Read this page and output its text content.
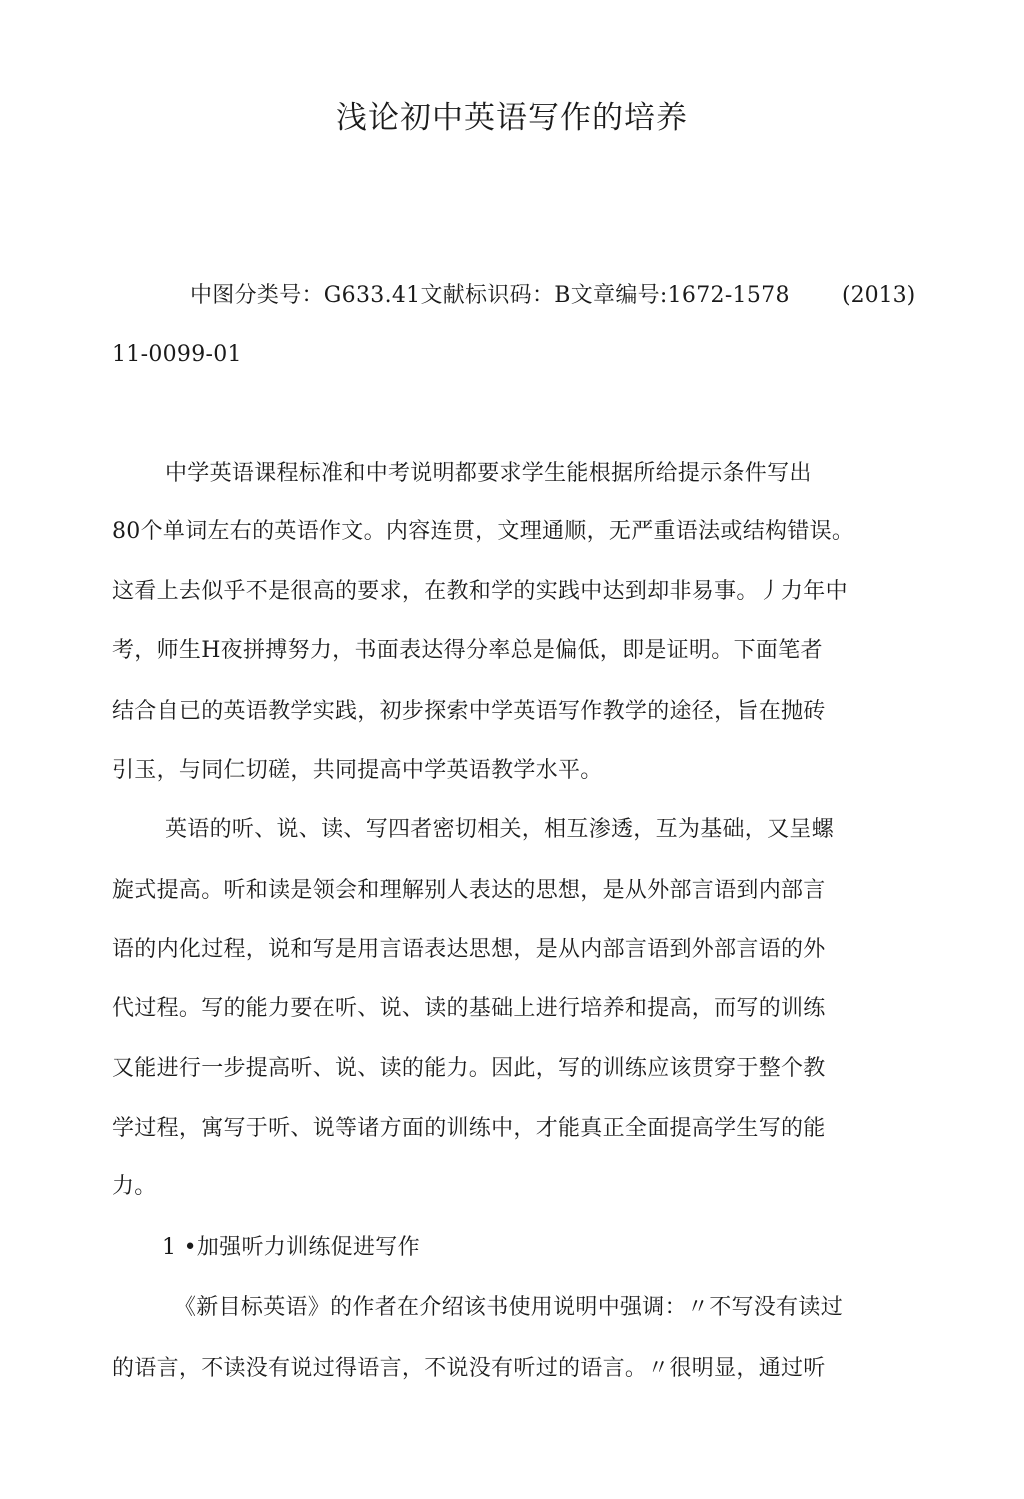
浅论初中英语写作的培养
中图分类号：G633.41文献标识码：B文章编号:1672-1578 (2013)
11-0099-01
中学英语课程标准和中考说明都要求学生能根据所给提示条件写出
80个单词左右的英语作文。内容连贯，文理通顺，无严重语法或结构错误。
这看上去似乎不是很高的要求，在教和学的实践中达到却非易事。丿力年中
考，师生H夜拼搏努力，书面表达得分率总是偏低，即是证明。下面笔者
结合自已的英语教学实践，初步探索中学英语写作教学的途径，旨在抛砖
引玉，与同仁切磋，共同提高中学英语教学水平。
英语的听、说、读、写四者密切相关，相互渗透，互为基础，又呈螺
旋式提高。听和读是领会和理解别人表达的思想，是从外部言语到内部言
语的内化过程，说和写是用言语表达思想，是从内部言语到外部言语的外
代过程。写的能力要在听、说、读的基础上进行培养和提高，而写的训练
又能进行一步提高听、说、读的能力。因此，写的训练应该贯穿于整个教
学过程，寓写于听、说等诸方面的训练中，才能真正全面提高学生写的能
力。
1 •加强听力训练促进写作
《新目标英语》的作者在介绍该书使用说明中强调：〃不写没有读过
的语言，不读没有说过得语言，不说没有听过的语言。〃很明显，通过听
